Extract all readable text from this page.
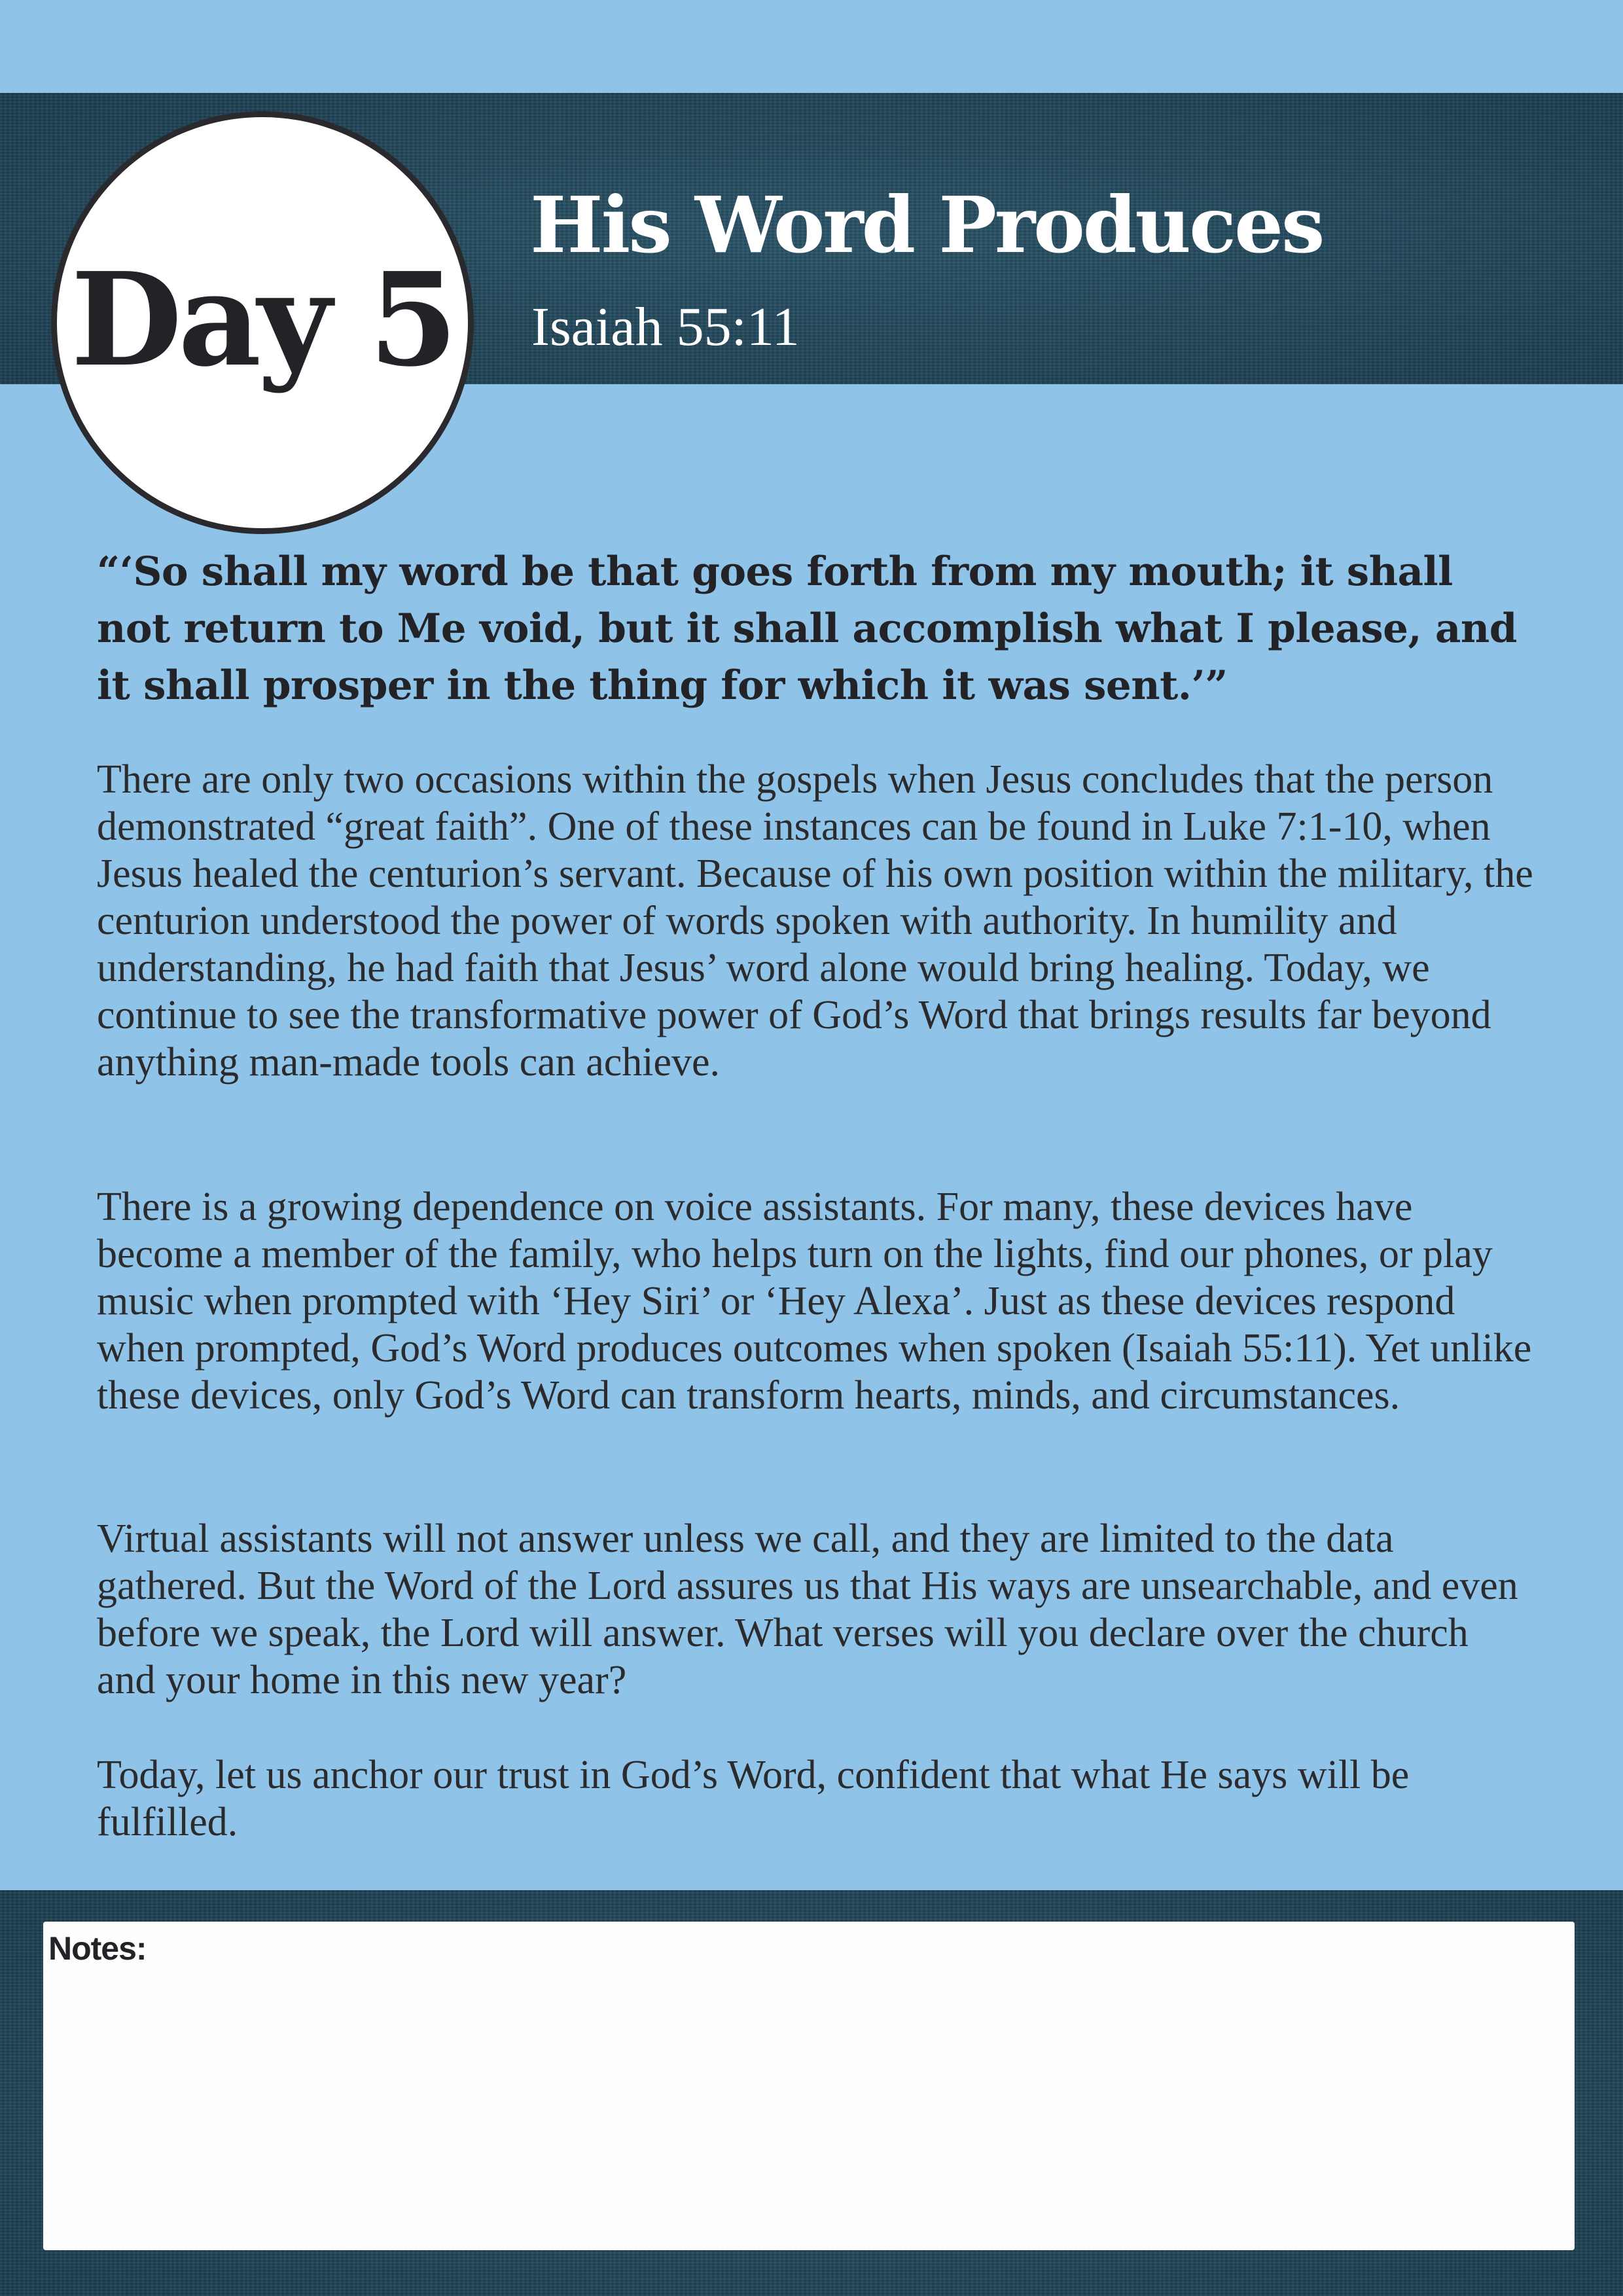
Day 5
His Word Produces
Isaiah 55:11
“‘So shall my word be that goes forth from my mouth; it shall not return to Me void, but it shall accomplish what I please, and it shall prosper in the thing for which it was sent.’”
There are only two occasions within the gospels when Jesus concludes that the person demonstrated “great faith”. One of these instances can be found in Luke 7:1-10, when Jesus healed the centurion’s servant. Because of his own position within the military, the centurion understood the power of words spoken with authority. In humility and understanding, he had faith that Jesus’ word alone would bring healing. Today, we continue to see the transformative power of God’s Word that brings results far beyond anything man-made tools can achieve.
There is a growing dependence on voice assistants. For many, these devices have become a member of the family, who helps turn on the lights, find our phones, or play music when prompted with ‘Hey Siri’ or ‘Hey Alexa’. Just as these devices respond when prompted, God’s Word produces outcomes when spoken (Isaiah 55:11). Yet unlike these devices, only God’s Word can transform hearts, minds, and circumstances.
Virtual assistants will not answer unless we call, and they are limited to the data gathered. But the Word of the Lord assures us that His ways are unsearchable, and even before we speak, the Lord will answer. What verses will you declare over the church and your home in this new year?
Today, let us anchor our trust in God’s Word, confident that what He says will be fulfilled.
Notes:
